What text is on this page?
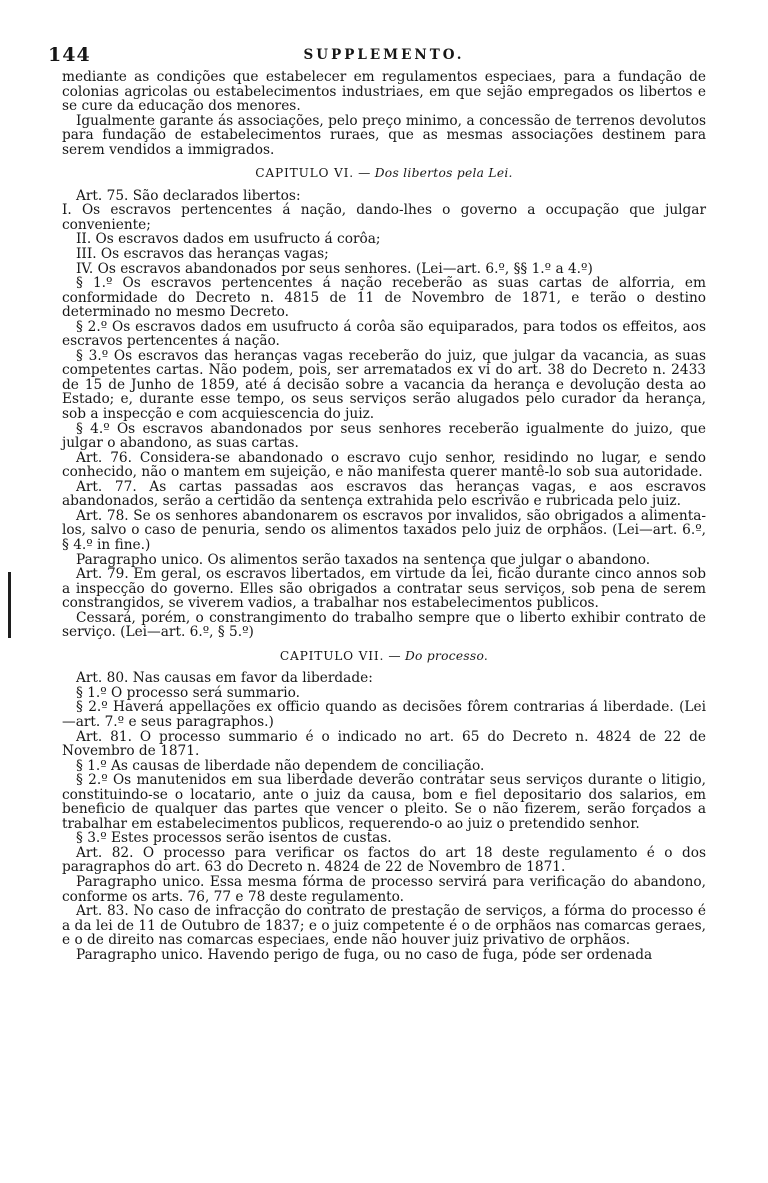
144	SUPPLEMENTO.

mediante as condições que estabelecer em regulamentos especiaes, para a fundação de colonias agricolas ou estabelecimentos industriaes, em que sejão empregados os libertos e se cure da educação dos menores.

Igualmente garante ás associações, pelo preço minimo, a concessão de terrenos devolutos para fundação de estabelecimentos ruraes, que as mesmas associações destinem para serem vendidos a immigrados.

CAPITULO VI. — Dos libertos pela Lei.

Art. 75. São declarados libertos:

I. Os escravos pertencentes á nação, dando-lhes o governo a occupação que julgar conveniente;

II. Os escravos dados em usufructo á corôa;

III. Os escravos das heranças vagas;

IV. Os escravos abandonados por seus senhores. (Lei—art. 6.º, §§ 1.º a 4.º)

§ 1.º Os escravos pertencentes á nação receberão as suas cartas de alforria, em conformidade do Decreto n. 4815 de 11 de Novembro de 1871, e terão o destino determinado no mesmo Decreto.

§ 2.º Os escravos dados em usufructo á corôa são equiparados, para todos os effeitos, aos escravos pertencentes á nação.

§ 3.º Os escravos das heranças vagas receberão do juiz, que julgar da vacancia, as suas competentes cartas. Não podem, pois, ser arrematados ex vi do art. 38 do Decreto n. 2433 de 15 de Junho de 1859, até á decisão sobre a vacancia da herança e devolução desta ao Estado; e, durante esse tempo, os seus serviços serão alugados pelo curador da herança, sob a inspecção e com acquiescencia do juiz.

§ 4.º Os escravos abandonados por seus senhores receberão igualmente do juizo, que julgar o abandono, as suas cartas.

Art. 76. Considera-se abandonado o escravo cujo senhor, residindo no lugar, e sendo conhecido, não o mantem em sujeição, e não manifesta querer mantê-lo sob sua autoridade.

Art. 77. As cartas passadas aos escravos das heranças vagas, e aos escravos abandonados, serão a certidão da sentença extrahida pelo escrivão e rubricada pelo juiz.

Art. 78. Se os senhores abandonarem os escravos por invalidos, são obrigados a alimenta-los, salvo o caso de penuria, sendo os alimentos taxados pelo juiz de orphãos. (Lei—art. 6.º, § 4.º in fine.)

Paragrapho unico. Os alimentos serão taxados na sentença que julgar o abandono.

Art. 79. Em geral, os escravos libertados, em virtude da lei, ficão durante cinco annos sob a inspecção do governo. Elles são obrigados a contratar seus serviços, sob pena de serem constrangidos, se viverem vadios, a trabalhar nos estabelecimentos publicos.

Cessará, porém, o constrangimento do trabalho sempre que o liberto exhibir contrato de serviço. (Lei—art. 6.º, § 5.º)

CAPITULO VII. — Do processo.

Art. 80. Nas causas em favor da liberdade:

§ 1.º O processo será summario.

§ 2.º Haverá appellações ex officio quando as decisões fôrem contrarias á liberdade. (Lei—art. 7.º e seus paragraphos.)

Art. 81. O processo summario é o indicado no art. 65 do Decreto n. 4824 de 22 de Novembro de 1871.

§ 1.º As causas de liberdade não dependem de conciliação.

§ 2.º Os manutenidos em sua liberdade deverão contratar seus serviços durante o litigio, constituindo-se o locatario, ante o juiz da causa, bom e fiel depositario dos salarios, em beneficio de qualquer das partes que vencer o pleito. Se o não fizerem, serão forçados a trabalhar em estabelecimentos publicos, requerendo-o ao juiz o pretendido senhor.

§ 3.º Estes processos serão isentos de custas.

Art. 82. O processo para verificar os factos do art 18 deste regulamento é o dos paragraphos do art. 63 do Decreto n. 4824 de 22 de Novembro de 1871.

Paragrapho unico. Essa mesma fórma de processo servirá para verificação do abandono, conforme os arts. 76, 77 e 78 deste regulamento.

Art. 83. No caso de infracção do contrato de prestação de serviços, a fórma do processo é a da lei de 11 de Outubro de 1837; e o juiz competente é o de orphãos nas comarcas geraes, e o de direito nas comarcas especiaes, ende não houver juiz privativo de orphãos.

Paragrapho unico. Havendo perigo de fuga, ou no caso de fuga, póde ser ordenada
